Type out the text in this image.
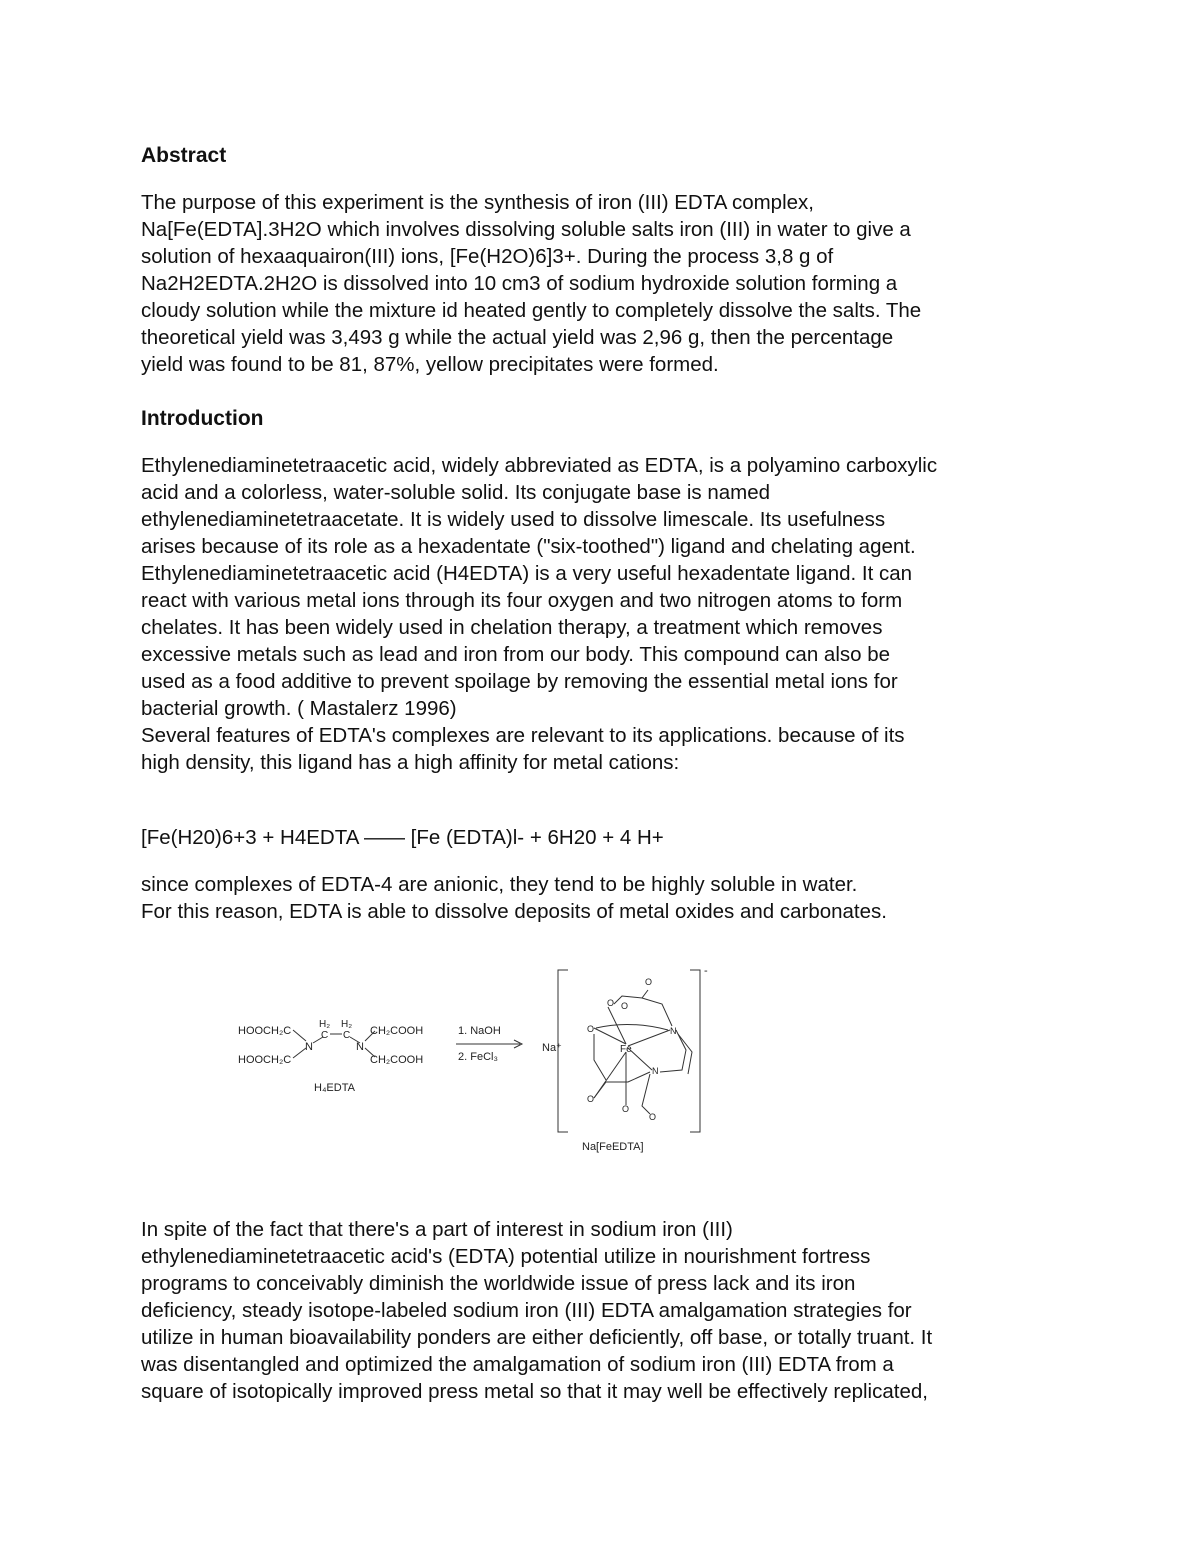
Abstract
The purpose of this experiment is the synthesis of iron (III) EDTA complex,
Na[Fe(EDTA].3H2O which involves dissolving soluble salts iron (III) in water to give a
solution of hexaaquairon(III) ions, [Fe(H2O)6]3+. During the process 3,8 g of
Na2H2EDTA.2H2O is dissolved into 10 cm3 of sodium hydroxide solution forming a
cloudy solution while the mixture id heated gently to completely dissolve the salts. The
theoretical yield was 3,493 g while the actual yield was 2,96 g, then the percentage
yield was found to be 81, 87%, yellow precipitates were formed.
Introduction
Ethylenediaminetetraacetic acid, widely abbreviated as EDTA, is a polyamino carboxylic
acid and a colorless, water-soluble solid. Its conjugate base is named
ethylenediaminetetraacetate. It is widely used to dissolve limescale. Its usefulness
arises because of its role as a hexadentate ("six-toothed") ligand and chelating agent.
Ethylenediaminetetraacetic acid (H4EDTA) is a very useful hexadentate ligand. It can
react with various metal ions through its four oxygen and two nitrogen atoms to form
chelates. It has been widely used in chelation therapy, a treatment which removes
excessive metals such as lead and iron from our body. This compound can also be
used as a food additive to prevent spoilage by removing the essential metal ions for
bacterial growth. ( Mastalerz 1996)
Several features of EDTA's complexes are relevant to its applications. because of its
high density, this ligand has a high affinity for metal cations:
[Fe(H20)6+3 + H4EDTA —— [Fe (EDTA)l- + 6H20 + 4 H+
since complexes of EDTA-4 are anionic, they tend to be highly soluble in water.
For this reason, EDTA is able to dissolve deposits of metal oxides and carbonates.
HOOCH₂C
HOOCH₂C
N
H₂ H₂
C C
N
CH₂COOH
CH₂COOH
H₄EDTA
1. NaOH
2. FeCl₃
Na⁺	Fe
-
Na[FeEDTA]
O
O
O	N
N
O
O
O
O
In spite of the fact that there's a part of interest in sodium iron (III)
ethylenediaminetetraacetic acid's (EDTA) potential utilize in nourishment fortress
programs to conceivably diminish the worldwide issue of press lack and its iron
deficiency, steady isotope-labeled sodium iron (III) EDTA amalgamation strategies for
utilize in human bioavailability ponders are either deficiently, off base, or totally truant. It
was disentangled and optimized the amalgamation of sodium iron (III) EDTA from a
square of isotopically improved press metal so that it may well be effectively replicated,
